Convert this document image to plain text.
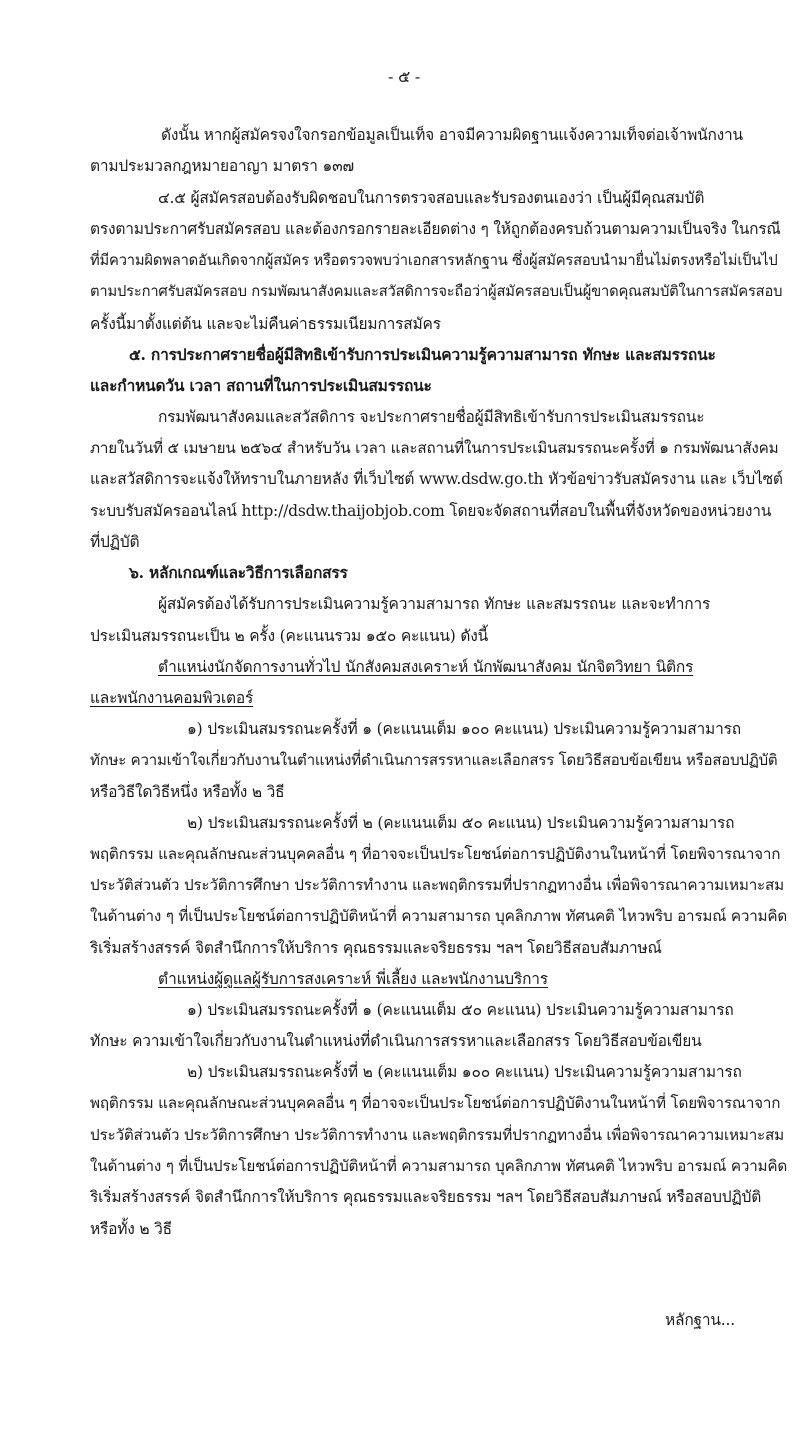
- ๕ -
ดังนั้น หากผู้สมัครจงใจกรอกข้อมูลเป็นเท็จ อาจมีความผิดฐานแจ้งความเท็จต่อเจ้าพนักงาน
ตามประมวลกฎหมายอาญา มาตรา ๑๓๗
๔.๕ ผู้สมัครสอบต้องรับผิดชอบในการตรวจสอบและรับรองตนเองว่า เป็นผู้มีคุณสมบัติ
ตรงตามประกาศรับสมัครสอบ และต้องกรอกรายละเอียดต่าง ๆ ให้ถูกต้องครบถ้วนตามความเป็นจริง ในกรณี
ที่มีความผิดพลาดอันเกิดจากผู้สมัคร หรือตรวจพบว่าเอกสารหลักฐาน ซึ่งผู้สมัครสอบนำมายื่นไม่ตรงหรือไม่เป็นไป
ตามประกาศรับสมัครสอบ กรมพัฒนาสังคมและสวัสดิการจะถือว่าผู้สมัครสอบเป็นผู้ขาดคุณสมบัติในการสมัครสอบ
ครั้งนี้มาตั้งแต่ต้น และจะไม่คืนค่าธรรมเนียมการสมัคร
๕. การประกาศรายชื่อผู้มีสิทธิเข้ารับการประเมินความรู้ความสามารถ ทักษะ และสมรรถนะ
และกำหนดวัน เวลา สถานที่ในการประเมินสมรรถนะ
กรมพัฒนาสังคมและสวัสดิการ จะประกาศรายชื่อผู้มีสิทธิเข้ารับการประเมินสมรรถนะ
ภายในวันที่ ๕ เมษายน ๒๕๖๔ สำหรับวัน เวลา และสถานที่ในการประเมินสมรรถนะครั้งที่ ๑ กรมพัฒนาสังคม
และสวัสดิการจะแจ้งให้ทราบในภายหลัง ที่เว็บไซต์ www.dsdw.go.th หัวข้อข่าวรับสมัครงาน และ เว็บไซต์
ระบบรับสมัครออนไลน์ http://dsdw.thaijobjob.com โดยจะจัดสถานที่สอบในพื้นที่จังหวัดของหน่วยงาน
ที่ปฏิบัติ
๖. หลักเกณฑ์และวิธีการเลือกสรร
ผู้สมัครต้องได้รับการประเมินความรู้ความสามารถ ทักษะ และสมรรถนะ และจะทำการ
ประเมินสมรรถนะเป็น ๒ ครั้ง (คะแนนรวม ๑๕๐ คะแนน) ดังนี้
ตำแหน่งนักจัดการงานทั่วไป นักสังคมสงเคราะห์ นักพัฒนาสังคม นักจิตวิทยา นิติกร
และพนักงานคอมพิวเตอร์
๑) ประเมินสมรรถนะครั้งที่ ๑ (คะแนนเต็ม ๑๐๐ คะแนน) ประเมินความรู้ความสามารถ
ทักษะ ความเข้าใจเกี่ยวกับงานในตำแหน่งที่ดำเนินการสรรหาและเลือกสรร โดยวิธีสอบข้อเขียน หรือสอบปฏิบัติ
หรือวิธีใดวิธีหนึ่ง หรือทั้ง ๒ วิธี
๒) ประเมินสมรรถนะครั้งที่ ๒ (คะแนนเต็ม ๕๐ คะแนน) ประเมินความรู้ความสามารถ
พฤติกรรม และคุณลักษณะส่วนบุคคลอื่น ๆ ที่อาจจะเป็นประโยชน์ต่อการปฏิบัติงานในหน้าที่ โดยพิจารณาจาก
ประวัติส่วนตัว ประวัติการศึกษา ประวัติการทำงาน และพฤติกรรมที่ปรากฏทางอื่น เพื่อพิจารณาความเหมาะสม
ในด้านต่าง ๆ ที่เป็นประโยชน์ต่อการปฏิบัติหน้าที่ ความสามารถ บุคลิกภาพ ทัศนคติ ไหวพริบ อารมณ์ ความคิด
ริเริ่มสร้างสรรค์ จิตสำนึกการให้บริการ คุณธรรมและจริยธรรม ฯลฯ โดยวิธีสอบสัมภาษณ์
ตำแหน่งผู้ดูแลผู้รับการสงเคราะห์ พี่เลี้ยง และพนักงานบริการ
๑) ประเมินสมรรถนะครั้งที่ ๑ (คะแนนเต็ม ๕๐ คะแนน) ประเมินความรู้ความสามารถ
ทักษะ ความเข้าใจเกี่ยวกับงานในตำแหน่งที่ดำเนินการสรรหาและเลือกสรร โดยวิธีสอบข้อเขียน
๒) ประเมินสมรรถนะครั้งที่ ๒ (คะแนนเต็ม ๑๐๐ คะแนน) ประเมินความรู้ความสามารถ
พฤติกรรม และคุณลักษณะส่วนบุคคลอื่น ๆ ที่อาจจะเป็นประโยชน์ต่อการปฏิบัติงานในหน้าที่ โดยพิจารณาจาก
ประวัติส่วนตัว ประวัติการศึกษา ประวัติการทำงาน และพฤติกรรมที่ปรากฏทางอื่น เพื่อพิจารณาความเหมาะสม
ในด้านต่าง ๆ ที่เป็นประโยชน์ต่อการปฏิบัติหน้าที่ ความสามารถ บุคลิกภาพ ทัศนคติ ไหวพริบ อารมณ์ ความคิด
ริเริ่มสร้างสรรค์ จิตสำนึกการให้บริการ คุณธรรมและจริยธรรม ฯลฯ โดยวิธีสอบสัมภาษณ์ หรือสอบปฏิบัติ
หรือทั้ง ๒ วิธี
หลักฐาน...
